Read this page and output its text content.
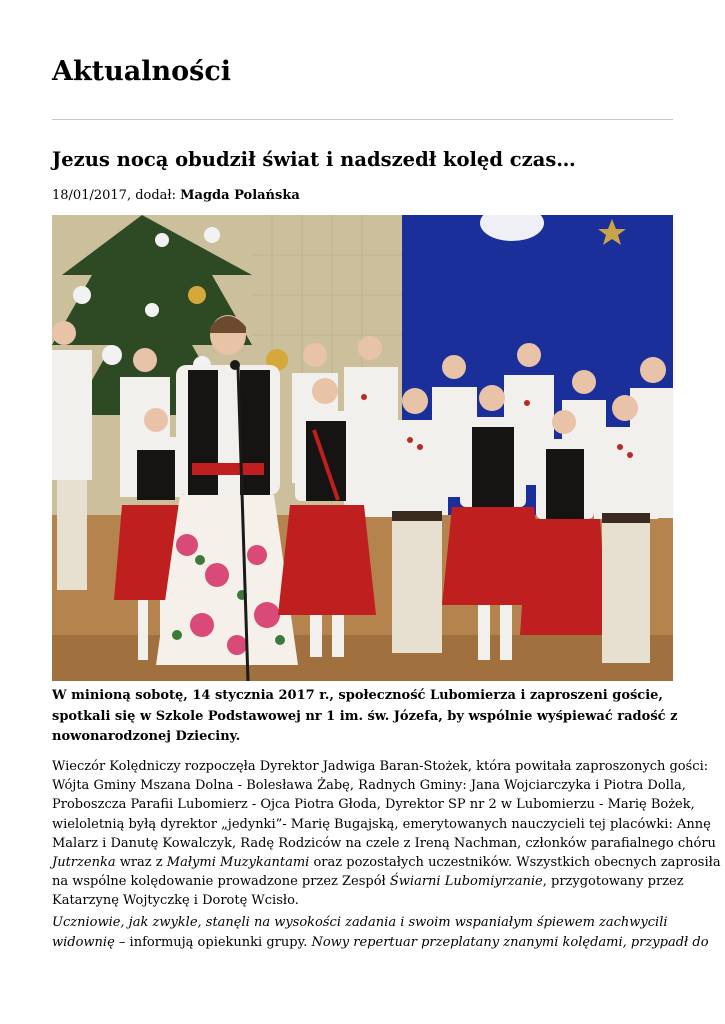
Aktualności
Jezus nocą obudził świat i nadszedł kolęd czas…
18/01/2017, dodał: Magda Polańska
W minioną sobotę, 14 stycznia 2017 r., społeczność Lubomierza i zaproszeni goście,
spotkali się w Szkole Podstawowej nr 1 im. św. Józefa, by wspólnie wyśpiewać radość z
nowonarodzonej Dzieciny.
Wieczór Kolędniczy rozpoczęła Dyrektor Jadwiga Baran-Stożek, która powitała zaproszonych gości:
Wójta Gminy Mszana Dolna - Bolesława Żabę, Radnych Gminy: Jana Wojciarczyka i Piotra Dolla,
Proboszcza Parafii Lubomierz - Ojca Piotra Głoda, Dyrektor SP nr 2 w Lubomierzu - Marię Bożek,
wieloletnią byłą dyrektor „jedynki”- Marię Bugajską, emerytowanych nauczycieli tej placówki: Annę
Malarz i Danutę Kowalczyk, Radę Rodziców na czele z Ireną Nachman, członków parafialnego chóru
Jutrzenka wraz z Małymi Muzykantami oraz pozostałych uczestników. Wszystkich obecnych zaprosiła
na wspólne kolędowanie prowadzone przez Zespół Świarni Lubomiyrzanie, przygotowany przez
Katarzynę Wojtyczkę i Dorotę Wcisło.
Uczniowie, jak zwykle, stanęli na wysokości zadania i swoim wspaniałym śpiewem zachwycili
widownię – informują opiekunki grupy. Nowy repertuar przeplatany znanymi kolędami, przypadł do
